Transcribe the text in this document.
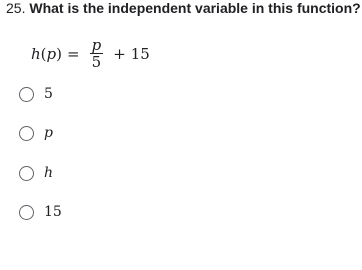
25. What is the independent variable in this function?
h ( p ) = $\frac{p}{5} + 15$
5
p
h
15
